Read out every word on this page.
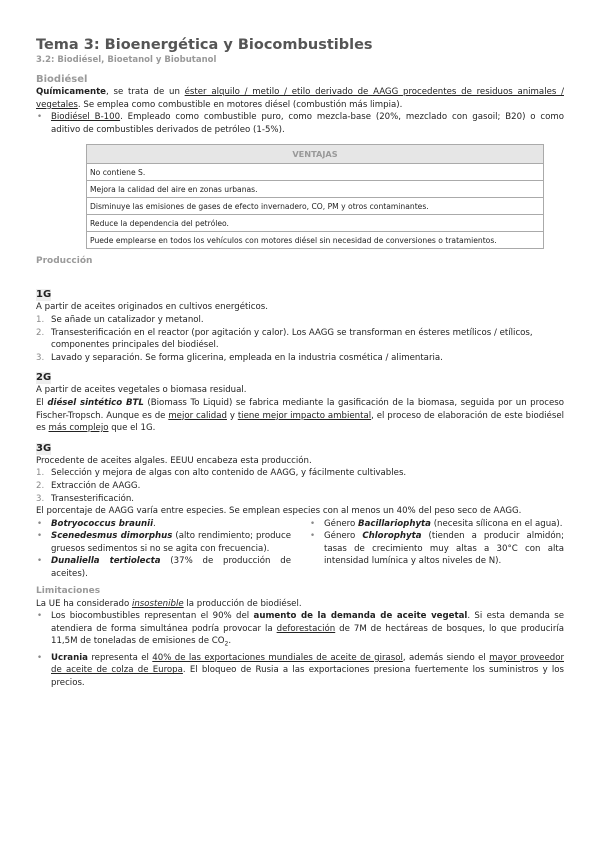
Tema 3: Bioenergética y Biocombustibles
3.2: Biodiésel, Bioetanol y Biobutanol
Biodiésel

Químicamente, se trata de un éster alquilo / metilo / etilo derivado de AAGG procedentes de residuos animales / vegetales. Se emplea como combustible en motores diésel (combustión más limpia).

• Biodiésel B-100. Empleado como combustible puro, como mezcla-base (20%, mezclado con gasoil; B20) o como aditivo de combustibles derivados de petróleo (1-5%).
VENTAJAS
No contiene S.
Mejora la calidad del aire en zonas urbanas.
Disminuye las emisiones de gases de efecto invernadero, CO, PM y otros contaminantes.
Reduce la dependencia del petróleo.
Puede emplearse en todos los vehículos con motores diésel sin necesidad de conversiones o tratamientos.
Producción
1G

A partir de aceites originados en cultivos energéticos.

1. Se añade un catalizador y metanol.
2. Transesterificación en el reactor (por agitación y calor). Los AAGG se transforman en ésteres metílicos / etílicos, componentes principales del biodiésel.
3. Lavado y separación. Se forma glicerina, empleada en la industria cosmética / alimentaria.
2G

A partir de aceites vegetales o biomasa residual.

El diésel sintético BTL (Biomass To Liquid) se fabrica mediante la gasificación de la biomasa, seguida por un proceso Fischer-Tropsch. Aunque es de mejor calidad y tiene mejor impacto ambiental, el proceso de elaboración de este biodiésel es más complejo que el 1G.

3G

Procedente de aceites algales. EEUU encabeza esta producción.

1. Selección y mejora de algas con alto contenido de AAGG, y fácilmente cultivables.
2. Extracción de AAGG.
3. Transesterificación.

El porcentaje de AAGG varía entre especies. Se emplean especies con al menos un 40% del peso seco de AAGG.

• Botryococcus braunii.
• Scenedesmus dimorphus (alto rendimiento; produce gruesos sedimentos si no se agita con frecuencia).
• Dunaliella tertiolecta (37% de producción de aceites).
• Género Bacillariophyta (necesita sílicona en el agua).
• Género Chlorophyta (tienden a producir almidón; tasas de crecimiento muy altas a 30°C con alta intensidad lumínica y altos niveles de N).
Limitaciones

La UE ha considerado insostenible la producción de biodiésel.

• Los biocombustibles representan el 90% del aumento de la demanda de aceite vegetal. Si esta demanda se atendiera de forma simultánea podría provocar la deforestación de 7M de hectáreas de bosques, lo que produciría 11,5M de toneladas de emisiones de $CO_2$.
• Ucrania representa el 40% de las exportaciones mundiales de aceite de girasol, además siendo el mayor proveedor de aceite de colza de Europa. El bloqueo de Rusia a las exportaciones presiona fuertemente los suministros y los precios.
